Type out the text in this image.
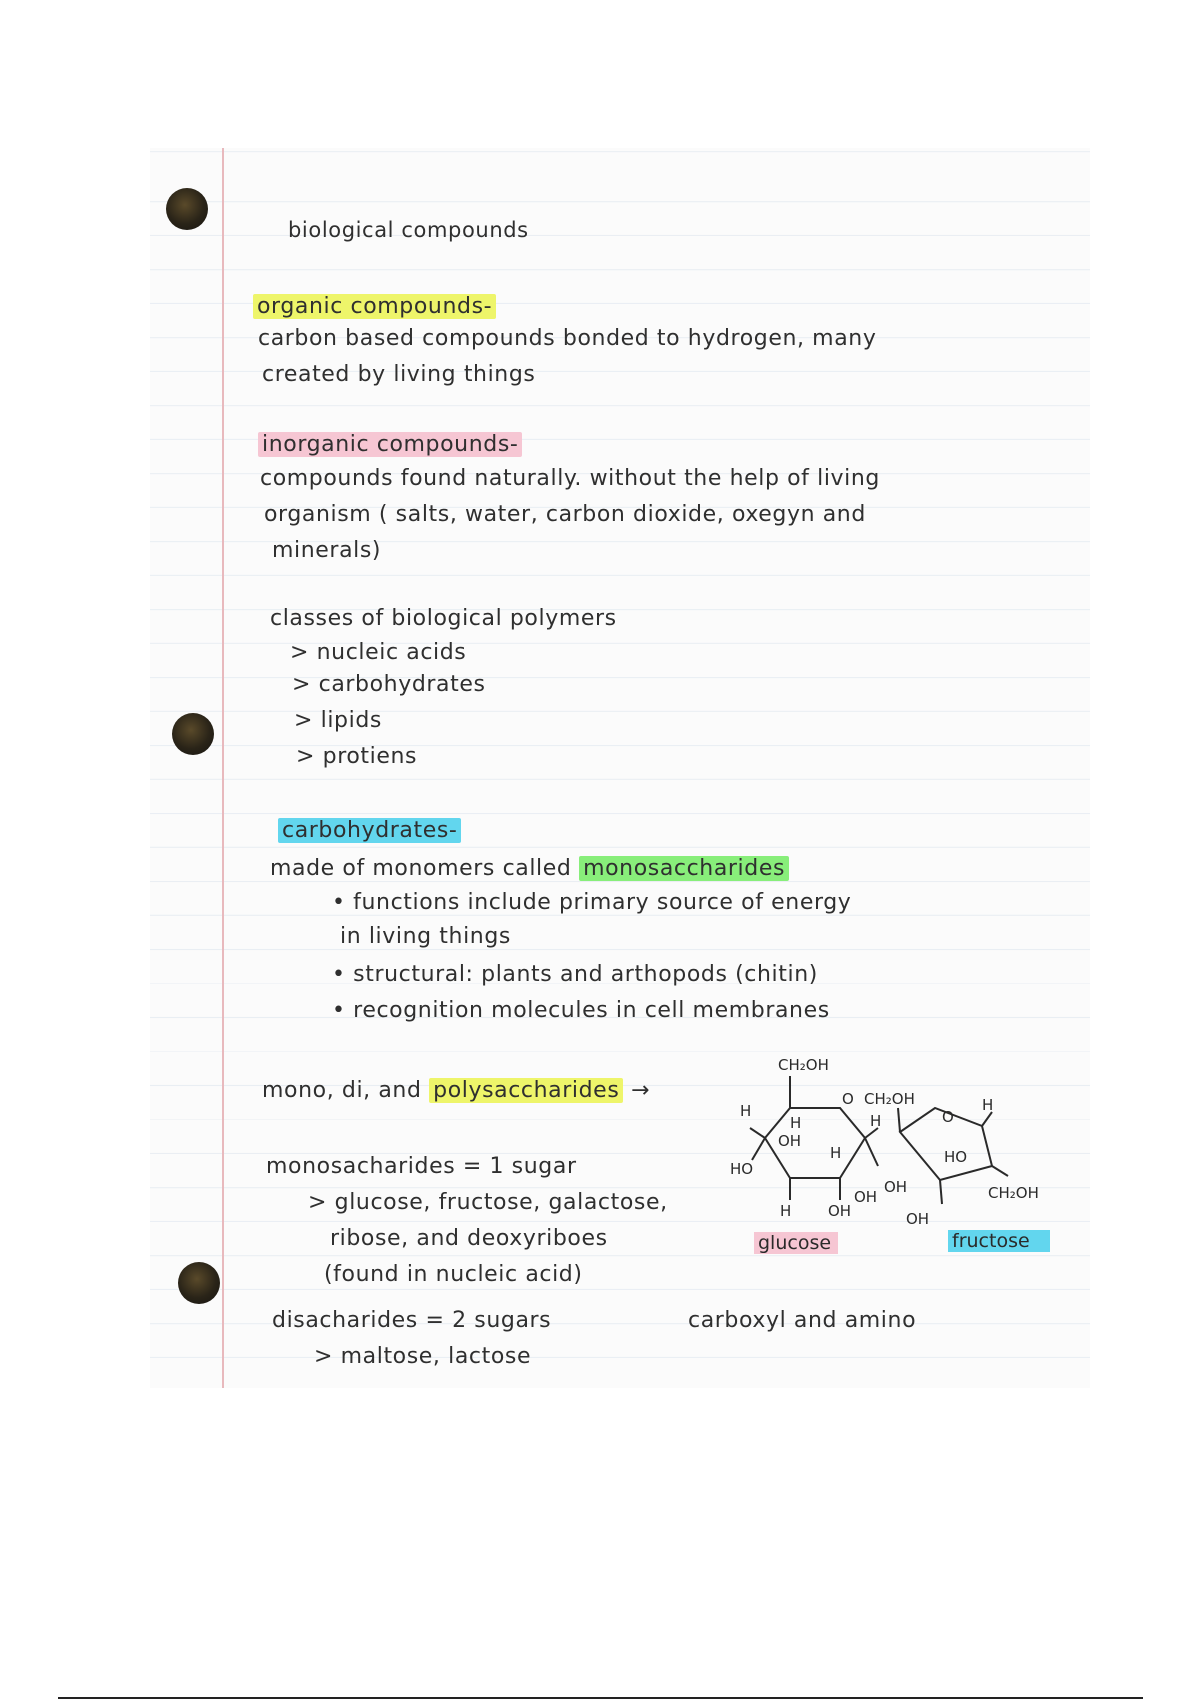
biological compounds
organic compounds-
carbon based compounds bonded to hydrogen, many
created by living things
inorganic compounds-
compounds found naturally. without the help of living
organism ( salts, water, carbon dioxide, oxegyn and
minerals)
classes of biological polymers
> nucleic acids
> carbohydrates
> lipids
> protiens
carbohydrates-
made of monomers called monosaccharides
• functions include primary source of energy
in living things
• structural: plants and arthopods (chitin)
• recognition molecules in cell membranes
mono, di, and polysaccharides →
monosacharides = 1 sugar
> glucose, fructose, galactose,
ribose, and deoxyriboes
(found in nucleic acid)
disacharides = 2 sugars
> maltose, lactose
carboxyl and amino
CH₂OH
O
H
H
OH
H
H
HO
H OH
OH
CH₂OH
O
H
HO
OH
OH
CH₂OH
glucose	fructose
